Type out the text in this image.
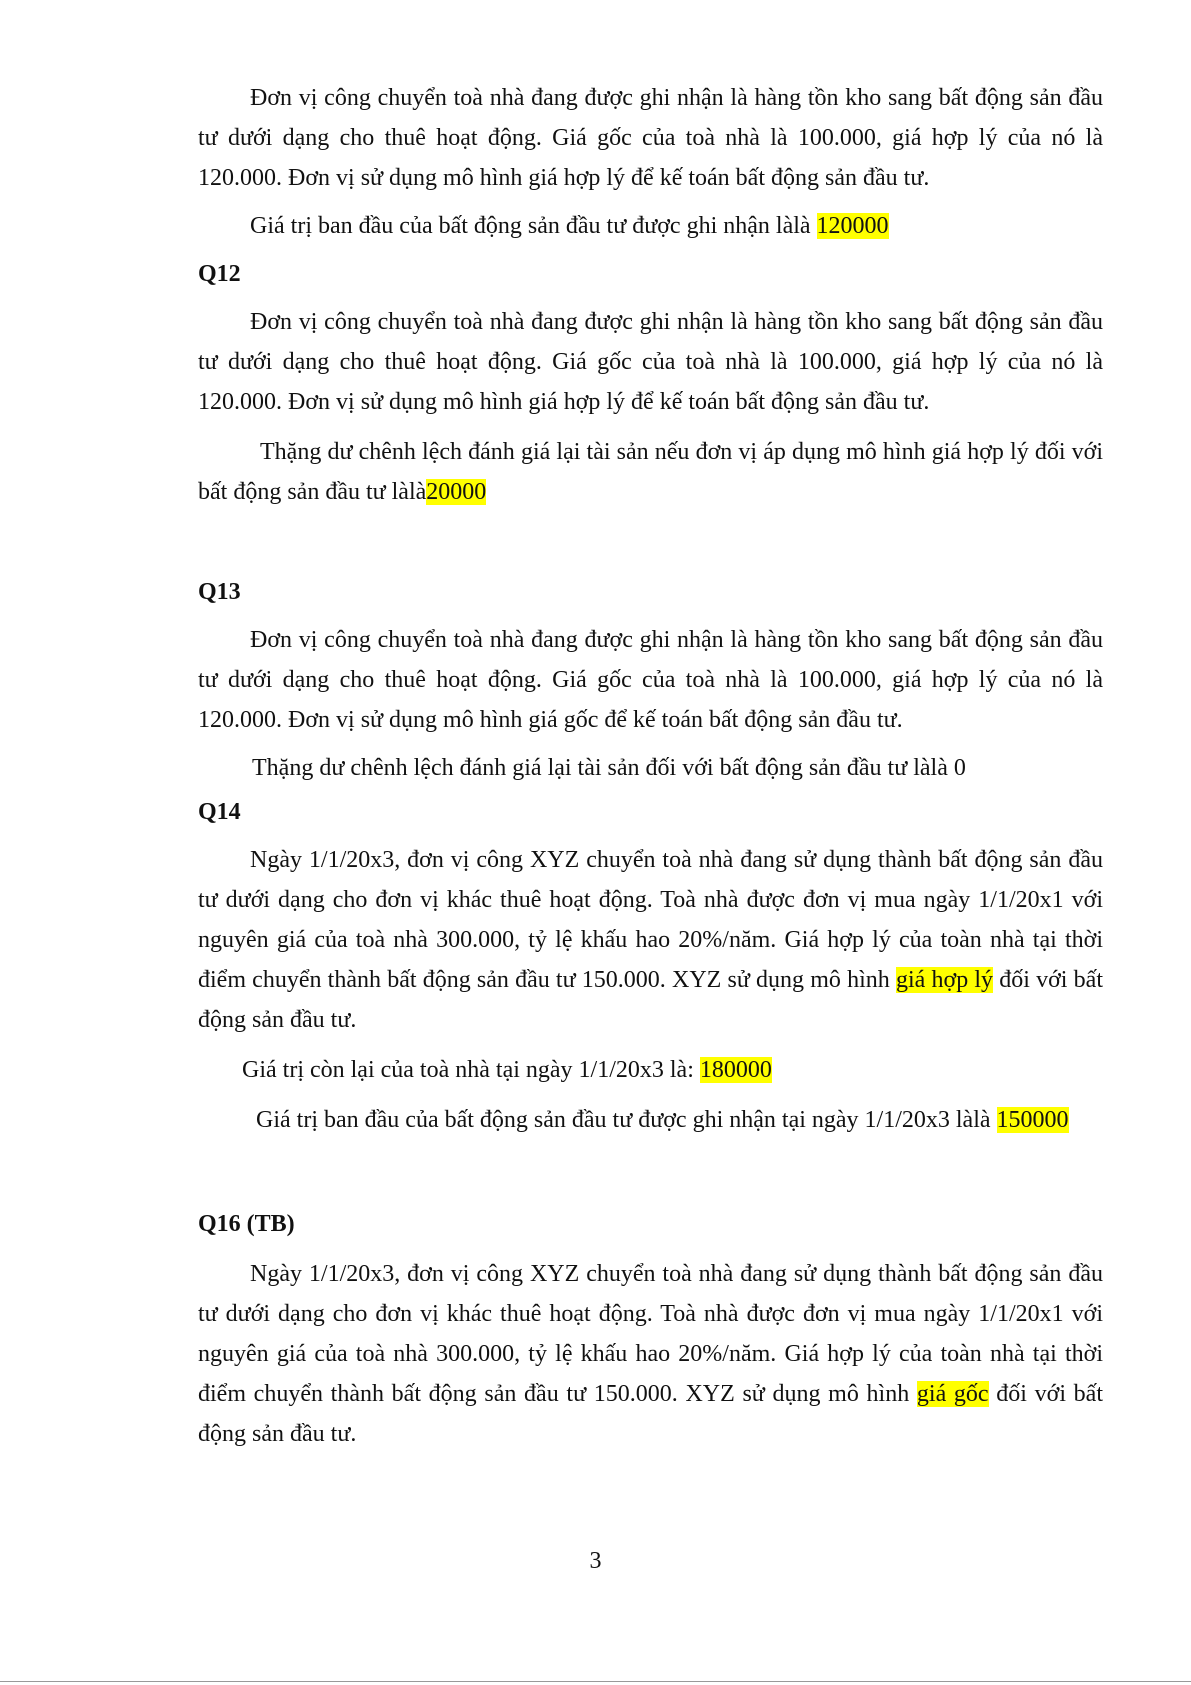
Đơn vị công chuyển toà nhà đang được ghi nhận là hàng tồn kho sang bất động sản đầu tư dưới dạng cho thuê hoạt động. Giá gốc của toà nhà là 100.000, giá hợp lý của nó là 120.000. Đơn vị sử dụng mô hình giá hợp lý để kế toán bất động sản đầu tư.

Giá trị ban đầu của bất động sản đầu tư được ghi nhận làlà 120000

Q12

Đơn vị công chuyển toà nhà đang được ghi nhận là hàng tồn kho sang bất động sản đầu tư dưới dạng cho thuê hoạt động. Giá gốc của toà nhà là 100.000, giá hợp lý của nó là 120.000. Đơn vị sử dụng mô hình giá hợp lý để kế toán bất động sản đầu tư.

Thặng dư chênh lệch đánh giá lại tài sản nếu đơn vị áp dụng mô hình giá hợp lý đối với bất động sản đầu tư làlà20000

Q13

Đơn vị công chuyển toà nhà đang được ghi nhận là hàng tồn kho sang bất động sản đầu tư dưới dạng cho thuê hoạt động. Giá gốc của toà nhà là 100.000, giá hợp lý của nó là 120.000. Đơn vị sử dụng mô hình giá gốc để kế toán bất động sản đầu tư.

Thặng dư chênh lệch đánh giá lại tài sản đối với bất động sản đầu tư làlà 0

Q14

Ngày 1/1/20x3, đơn vị công XYZ chuyển toà nhà đang sử dụng thành bất động sản đầu tư dưới dạng cho đơn vị khác thuê hoạt động. Toà nhà được đơn vị mua ngày 1/1/20x1 với nguyên giá của toà nhà 300.000, tỷ lệ khấu hao 20%/năm. Giá hợp lý của toàn nhà tại thời điểm chuyển thành bất động sản đầu tư 150.000. XYZ sử dụng mô hình giá hợp lý đối với bất động sản đầu tư.

Giá trị còn lại của toà nhà tại ngày 1/1/20x3 là: 180000

Giá trị ban đầu của bất động sản đầu tư được ghi nhận tại ngày 1/1/20x3 làlà 150000

Q16 (TB)

Ngày 1/1/20x3, đơn vị công XYZ chuyển toà nhà đang sử dụng thành bất động sản đầu tư dưới dạng cho đơn vị khác thuê hoạt động. Toà nhà được đơn vị mua ngày 1/1/20x1 với nguyên giá của toà nhà 300.000, tỷ lệ khấu hao 20%/năm. Giá hợp lý của toàn nhà tại thời điểm chuyển thành bất động sản đầu tư 150.000. XYZ sử dụng mô hình giá gốc đối với bất động sản đầu tư.

3
